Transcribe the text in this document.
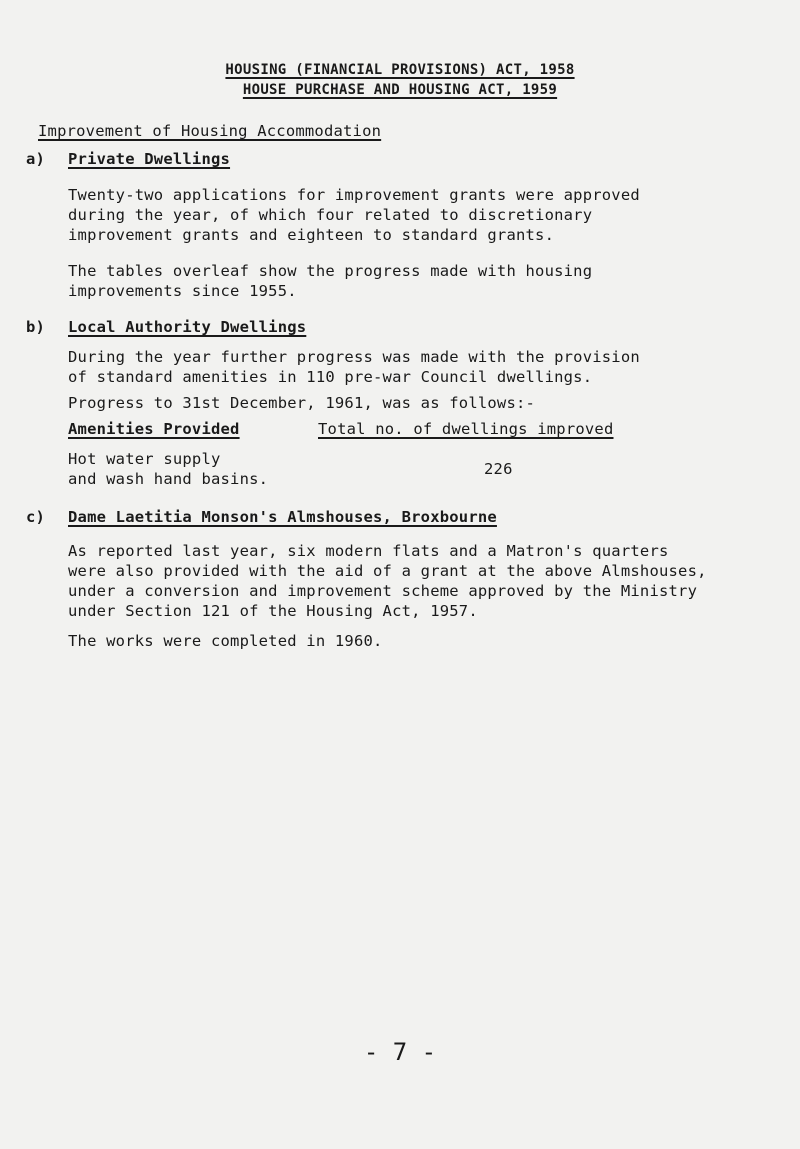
HOUSING (FINANCIAL PROVISIONS) ACT, 1958
HOUSE PURCHASE AND HOUSING ACT, 1959
Improvement of Housing Accommodation
a) Private Dwellings
Twenty-two applications for improvement grants were approved
during the year, of which four related to discretionary
improvement grants and eighteen to standard grants.
The tables overleaf show the progress made with housing
improvements since 1955.
b) Local Authority Dwellings
During the year further progress was made with the provision
of standard amenities in 110 pre-war Council dwellings.
Progress to 31st December, 1961, was as follows:-
Amenities Provided	Total no. of dwellings improved
Hot water supply
and wash hand basins.
226
c) Dame Laetitia Monson's Almshouses, Broxbourne
As reported last year, six modern flats and a Matron's quarters
were also provided with the aid of a grant at the above Almshouses,
under a conversion and improvement scheme approved by the Ministry
under Section 121 of the Housing Act, 1957.
The works were completed in 1960.
- 7 -
